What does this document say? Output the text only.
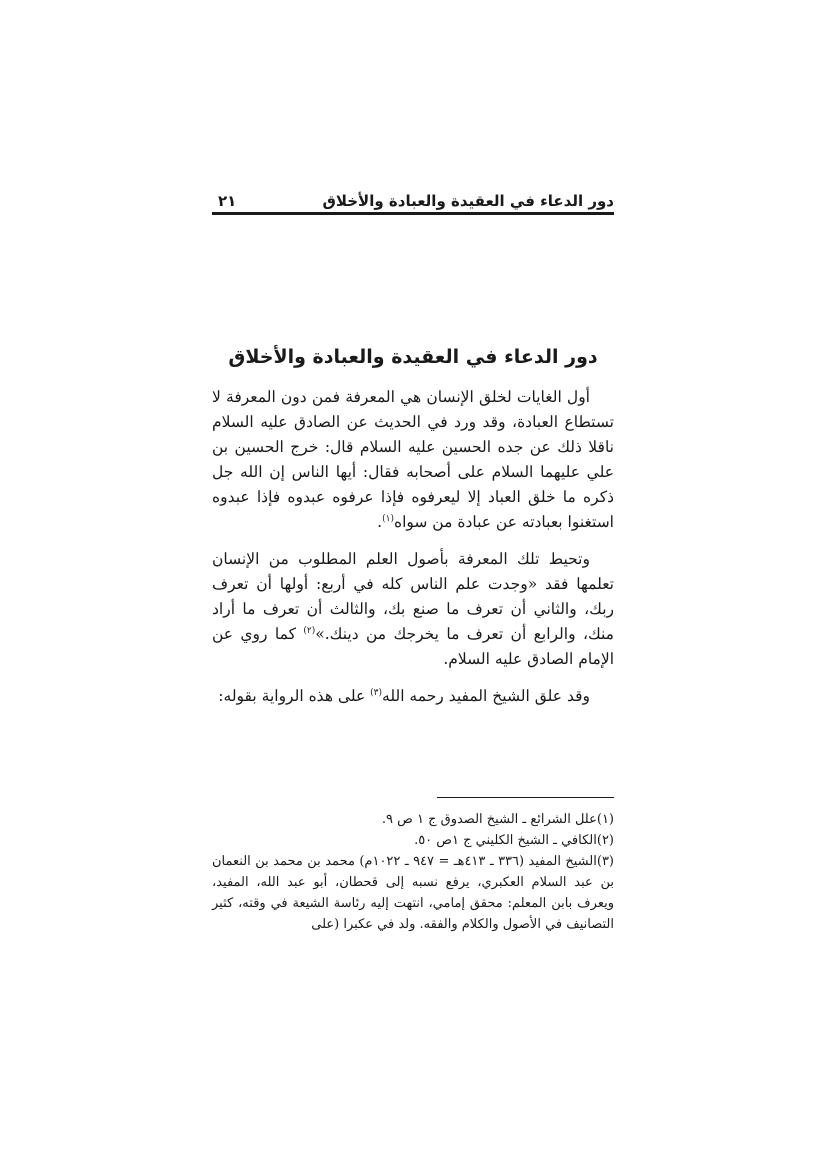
دور الدعاء في العقيدة والعبادة والأخلاق
٢١
دور الدعاء في العقيدة والعبادة والأخلاق

أول الغايات لخلق الإنسان هي المعرفة فمن دون المعرفة لا تستطاع العبادة، وقد ورد في الحديث عن الصادق عليه السلام ناقلا ذلك عن جده الحسين عليه السلام قال: خرج الحسين بن علي عليهما السلام على أصحابه فقال: أيها الناس إن الله جل ذكره ما خلق العباد إلا ليعرفوه فإذا عرفوه عبدوه فإذا عبدوه استغنوا بعبادته عن عبادة من سواه$^{(١)}$.

وتحيط تلك المعرفة بأصول العلم المطلوب من الإنسان تعلمها فقد «وجدت علم الناس كله في أربع: أولها أن تعرف ربك، والثاني أن تعرف ما صنع بك، والثالث أن تعرف ما أراد منك، والرابع أن تعرف ما يخرجك من دينك.»$^{(٢)}$ كما روي عن الإمام الصادق عليه السلام.

وقد علق الشيخ المفيد رحمه الله$^{(٣)}$ على هذه الرواية بقوله:

(١)علل الشرائع ـ الشيخ الصدوق ج ١ ص ٩.

(٢)الكافي ـ الشيخ الكليني ج ١ص ٥٠.

(٣)الشيخ المفيد (٣٣٦ ـ ٤١٣هـ = ٩٤٧ ـ ١٠٢٢م) محمد بن محمد بن النعمان بن عبد السلام العكبري، يرفع نسبه إلى قحطان، أبو عبد الله، المفيد، ويعرف بابن المعلم: محقق إمامي، انتهت إليه رئاسة الشيعة في وقته، كثير التصانيف في الأصول والكلام والفقه. ولد في عكبرا (على
